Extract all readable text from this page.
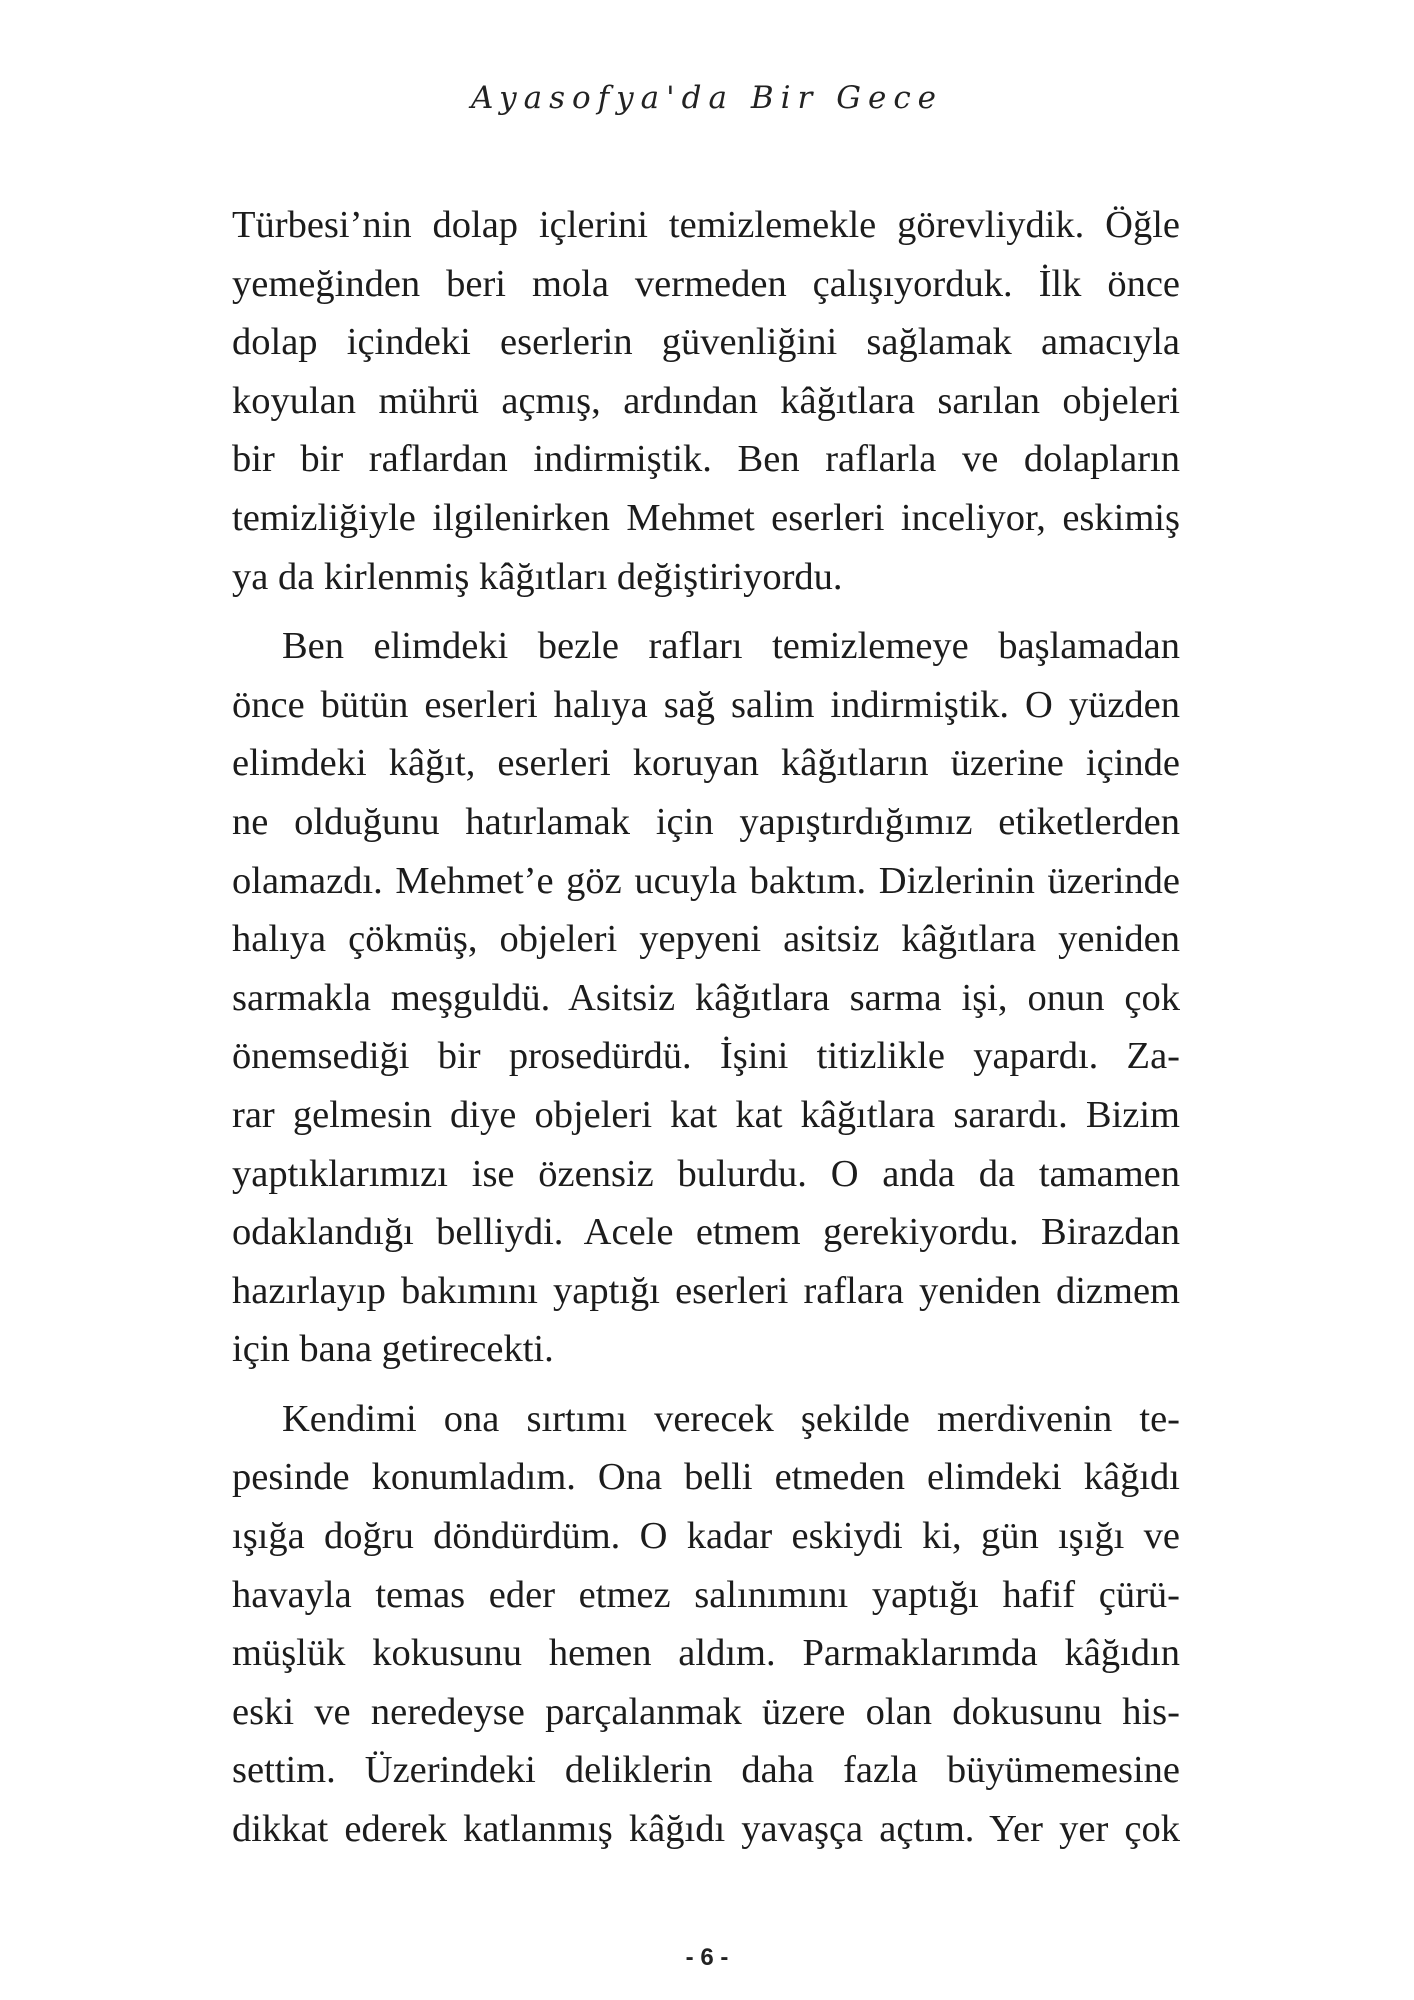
Ayasofya'da Bir Gece

Türbesi’nin dolap içlerini temizlemekle görevliydik. Öğle
yemeğinden beri mola vermeden çalışıyorduk. İlk önce
dolap içindeki eserlerin güvenliğini sağlamak amacıyla
koyulan mührü açmış, ardından kâğıtlara sarılan objeleri
bir bir raflardan indirmiştik. Ben raflarla ve dolapların
temizliğiyle ilgilenirken Mehmet eserleri inceliyor, eskimiş
ya da kirlenmiş kâğıtları değiştiriyordu.

Ben elimdeki bezle rafları temizlemeye başlamadan
önce bütün eserleri halıya sağ salim indirmiştik. O yüzden
elimdeki kâğıt, eserleri koruyan kâğıtların üzerine içinde
ne olduğunu hatırlamak için yapıştırdığımız etiketlerden
olamazdı. Mehmet’e göz ucuyla baktım. Dizlerinin üzerinde
halıya çökmüş, objeleri yepyeni asitsiz kâğıtlara yeniden
sarmakla meşguldü. Asitsiz kâğıtlara sarma işi, onun çok
önemsediği bir prosedürdü. İşini titizlikle yapardı. Za-
rar gelmesin diye objeleri kat kat kâğıtlara sarardı. Bizim
yaptıklarımızı ise özensiz bulurdu. O anda da tamamen
odaklandığı belliydi. Acele etmem gerekiyordu. Birazdan
hazırlayıp bakımını yaptığı eserleri raflara yeniden dizmem
için bana getirecekti.

Kendimi ona sırtımı verecek şekilde merdivenin te-
pesinde konumladım. Ona belli etmeden elimdeki kâğıdı
ışığa doğru döndürdüm. O kadar eskiydi ki, gün ışığı ve
havayla temas eder etmez salınımını yaptığı hafif çürü-
müşlük kokusunu hemen aldım. Parmaklarımda kâğıdın
eski ve neredeyse parçalanmak üzere olan dokusunu his-
settim. Üzerindeki deliklerin daha fazla büyümemesine
dikkat ederek katlanmış kâğıdı yavaşça açtım. Yer yer çok

- 6 -
